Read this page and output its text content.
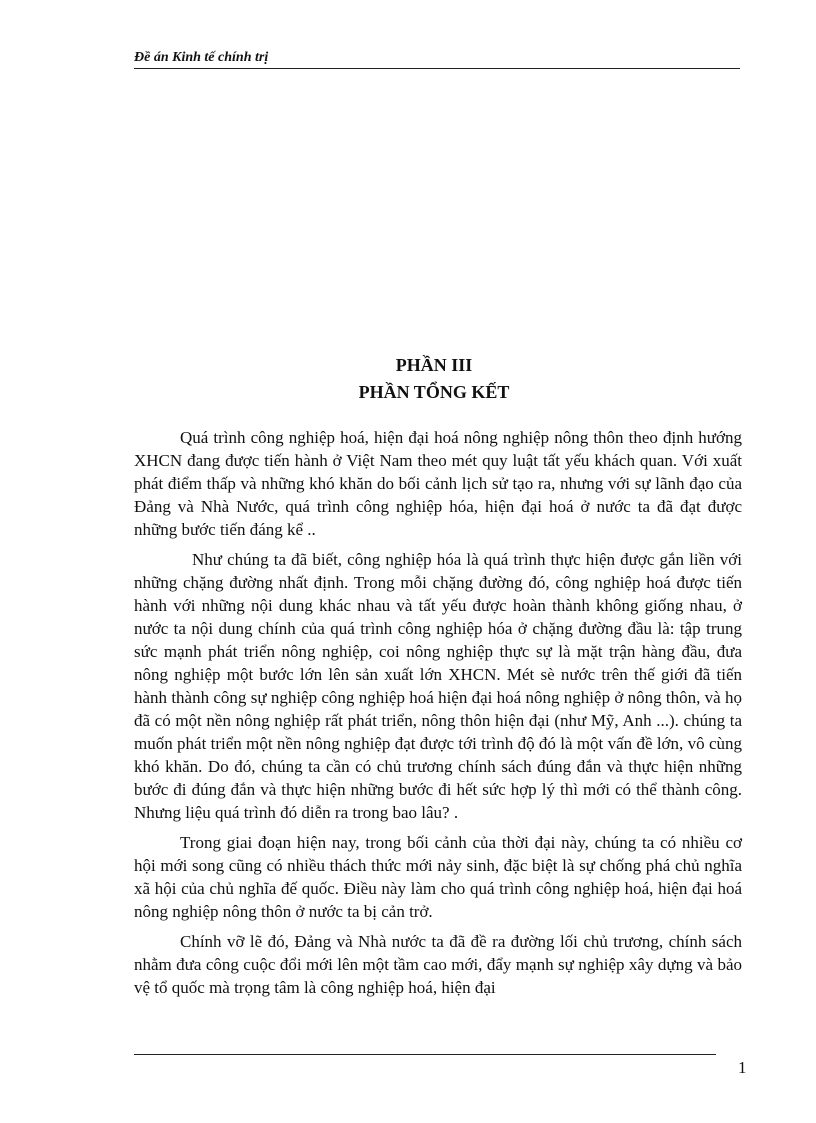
Đề án Kinh tế chính trị
PHẦN III
PHẦN TỔNG KẾT

Quá trình công nghiệp hoá, hiện đại hoá nông nghiệp nông thôn theo định hướng XHCN đang được tiến hành ở Việt Nam theo mét quy luật tất yếu khách quan. Với xuất phát điểm thấp và những khó khăn do bối cảnh lịch sử tạo ra, nhưng với sự lãnh đạo của Đảng và Nhà Nước, quá trình công nghiệp hóa, hiện đại hoá ở nước ta đã đạt được những bước tiến đáng kể ..

Như chúng ta đã biết, công nghiệp hóa là quá trình thực hiện được gắn liền với những chặng đường nhất định. Trong mỗi chặng đường đó, công nghiệp hoá được tiến hành với những nội dung khác nhau và tất yếu được hoàn thành không giống nhau, ở nước ta nội dung chính của quá trình công nghiệp hóa ở chặng đường đầu là: tập trung sức mạnh phát triển nông nghiệp, coi nông nghiệp thực sự là mặt trận hàng đầu, đưa nông nghiệp một bước lớn lên sản xuất lớn XHCN. Mét sè nước trên thế giới đã tiến hành thành công sự nghiệp công nghiệp hoá hiện đại hoá nông nghiệp ở nông thôn, và họ đã có một nền nông nghiệp rất phát triển, nông thôn hiện đại (như Mỹ, Anh ...). chúng ta muốn phát triển một nền nông nghiệp đạt được tới trình độ đó là một vấn đề lớn, vô cùng khó khăn. Do đó, chúng ta cần có chủ trương chính sách đúng đắn và thực hiện những bước đi đúng đắn và thực hiện những bước đi hết sức hợp lý thì mới có thể thành công. Nhưng liệu quá trình đó diễn ra trong bao lâu? .

Trong giai đoạn hiện nay, trong bối cảnh của thời đại này, chúng ta có nhiều cơ hội mới song cũng có nhiều thách thức mới nảy sinh, đặc biệt là sự chống phá chủ nghĩa xã hội của chủ nghĩa đế quốc. Điều này làm cho quá trình công nghiệp hoá, hiện đại hoá nông nghiệp nông thôn ở nước ta bị cản trở.

Chính vỡ lẽ đó, Đảng và Nhà nước ta đã đề ra đường lối chủ trương, chính sách nhằm đưa công cuộc đổi mới lên một tầm cao mới, đẩy mạnh sự nghiệp xây dựng và bảo vệ tổ quốc mà trọng tâm là công nghiệp hoá, hiện đại

1
